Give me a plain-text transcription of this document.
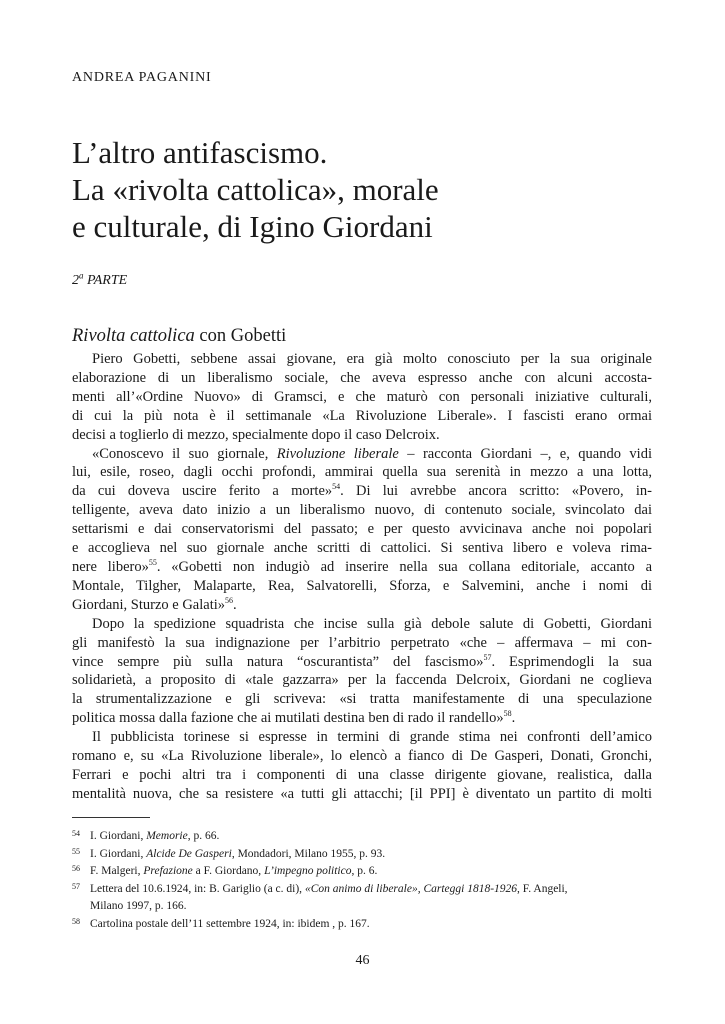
ANDREA PAGANINI
L’altro antifascismo.
La «rivolta cattolica», morale
e culturale, di Igino Giordani
2$^a$ PARTE
Rivolta cattolica con Gobetti
Piero Gobetti, sebbene assai giovane, era già molto conosciuto per la sua originale
elaborazione di un liberalismo sociale, che aveva espresso anche con alcuni accosta-
menti all’«Ordine Nuovo» di Gramsci, e che maturò con personali iniziative culturali,
di cui la più nota è il settimanale «La Rivoluzione Liberale». I fascisti erano ormai
decisi a toglierlo di mezzo, specialmente dopo il caso Delcroix.
«Conoscevo il suo giornale, Rivoluzione liberale – racconta Giordani –, e, quando vidi
lui, esile, roseo, dagli occhi profondi, ammirai quella sua serenità in mezzo a una lotta,
da cui doveva uscire ferito a morte»$^{54}$. Di lui avrebbe ancora scritto: «Povero, in-
telligente, aveva dato inizio a un liberalismo nuovo, di contenuto sociale, svincolato dai
settarismi e dai conservatorismi del passato; e per questo avvicinava anche noi popolari
e accoglieva nel suo giornale anche scritti di cattolici. Si sentiva libero e voleva rima-
nere libero»$^{55}$. «Gobetti non indugiò ad inserire nella sua collana editoriale, accanto a
Montale, Tilgher, Malaparte, Rea, Salvatorelli, Sforza, e Salvemini, anche i nomi di
Giordani, Sturzo e Galati»$^{56}$.
Dopo la spedizione squadrista che incise sulla già debole salute di Gobetti, Giordani
gli manifestò la sua indignazione per l’arbitrio perpetrato «che – affermava – mi con-
vince sempre più sulla natura “oscurantista” del fascismo»$^{57}$. Esprimendogli la sua
solidarietà, a proposito di «tale gazzarra» per la faccenda Delcroix, Giordani ne coglieva
la strumentalizzazione e gli scriveva: «si tratta manifestamente di una speculazione
politica mossa dalla fazione che ai mutilati destina ben di rado il randello»$^{58}$.
Il pubblicista torinese si espresse in termini di grande stima nei confronti dell’amico
romano e, su «La Rivoluzione liberale», lo elencò a fianco di De Gasperi, Donati, Gronchi,
Ferrari e pochi altri tra i componenti di una classe dirigente giovane, realistica, dalla
mentalità nuova, che sa resistere «a tutti gli attacchi; [il PPI] è diventato un partito di molti
54 I. Giordani, Memorie, p. 66.
55 I. Giordani, Alcide De Gasperi, Mondadori, Milano 1955, p. 93.
56 F. Malgeri, Prefazione a F. Giordano, L’impegno politico, p. 6.
57 Lettera del 10.6.1924, in: B. Gariglio (a c. di), «Con animo di liberale», Carteggi 1818-1926, F. Angeli,
Milano 1997, p. 166.
58 Cartolina postale dell’11 settembre 1924, in: ibidem , p. 167.
46
